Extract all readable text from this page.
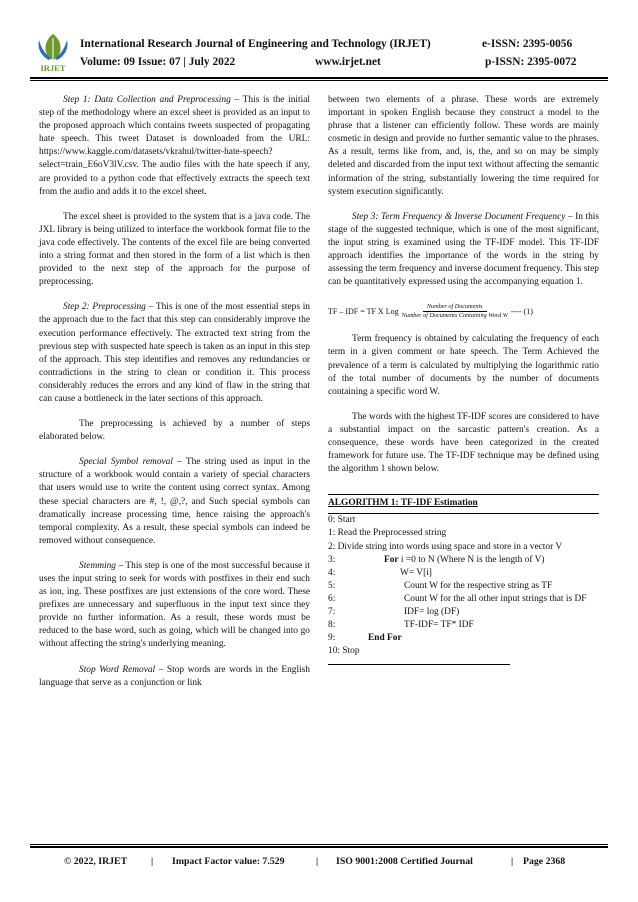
IRJET
International Research Journal of Engineering and Technology (IRJET)	e-ISSN: 2395-0056
Volume: 09 Issue: 07 | July 2022	www.irjet.net	p-ISSN: 2395-0072

Step 1: Data Collection and Preprocessing – This is the initial step of the methodology where an excel sheet is provided as an input to the proposed approach which contains tweets suspected of propagating hate speech. This tweet Dataset is downloaded from the URL: https://www.kaggle.com/datasets/vkrahul/twitter-hate-speech?select=train_E6oV3lV.csv. The audio files with the hate speech if any, are provided to a python code that effectively extracts the speech text from the audio and adds it to the excel sheet.

The excel sheet is provided to the system that is a java code. The JXL library is being utilized to interface the workbook format file to the java code effectively. The contents of the excel file are being converted into a string format and then stored in the form of a list which is then provided to the next step of the approach for the purpose of preprocessing.

Step 2: Preprocessing – This is one of the most essential steps in the approach due to the fact that this step can considerably improve the execution performance effectively. The extracted text string from the previous step with suspected hate speech is taken as an input in this step of the approach. This step identifies and removes any redundancies or contradictions in the string to clean or condition it. This process considerably reduces the errors and any kind of flaw in the string that can cause a bottleneck in the later sections of this approach.

The preprocessing is achieved by a number of steps elaborated below.

Special Symbol removal – The string used as input in the structure of a workbook would contain a variety of special characters that users would use to write the content using correct syntax. Among these special characters are #, !, @,?, and Such special symbols can dramatically increase processing time, hence raising the approach's temporal complexity. As a result, these special symbols can indeed be removed without consequence.

Stemming – This step is one of the most successful because it uses the input string to seek for words with postfixes in their end such as ion, ing. These postfixes are just extensions of the core word. These prefixes are unnecessary and superfluous in the input text since they provide no further information. As a result, these words must be reduced to the base word, such as going, which will be changed into go without affecting the string's underlying meaning.

Stop Word Removal – Stop words are words in the English language that serve as a conjunction or link

between two elements of a phrase. These words are extremely important in spoken English because they construct a model to the phrase that a listener can efficiently follow. These words are mainly cosmetic in design and provide no further semantic value to the phrases. As a result, terms like from, and, is, the, and so on may be simply deleted and discarded from the input text without affecting the semantic information of the string, substantially lowering the time required for system execution significantly.

Step 3: Term Frequency & Inverse Document Frequency – In this stage of the suggested technique, which is one of the most significant, the input string is examined using the TF-IDF model. This TF-IDF approach identifies the importance of the words in the string by assessing the term frequency and inverse document frequency. This step can be quantitatively expressed using the accompanying equation 1.

TF – IDF = TF X Log $\frac{\text{Number of Documents}}{\text{Number of Documents Containing Word W}}$ ---- (1)

Term frequency is obtained by calculating the frequency of each term in a given comment or hate speech. The Term Achieved the prevalence of a term is calculated by multiplying the logarithmic ratio of the total number of documents by the number of documents containing a specific word W.

The words with the highest TF-IDF scores are considered to have a substantial impact on the sarcastic pattern's creation. As a consequence, these words have been categorized in the created framework for future use. The TF-IDF technique may be defined using the algorithm 1 shown below.

ALGORITHM 1: TF-IDF Estimation
0: Start
1: Read the Preprocessed string
2: Divide string into words using space and store in a vector V
3:	For i =0 to N (Where N is the length of V)
4:	W= V[i]
5:	Count W for the respective string as TF
6:	Count W for the all other input strings that is DF
7:	IDF= log (DF)
8:	TF-IDF= TF* IDF
9:	End For
10: Stop
© 2022, IRJET | Impact Factor value: 7.529	| ISO 9001:2008 Certified Journal	| Page 2368
